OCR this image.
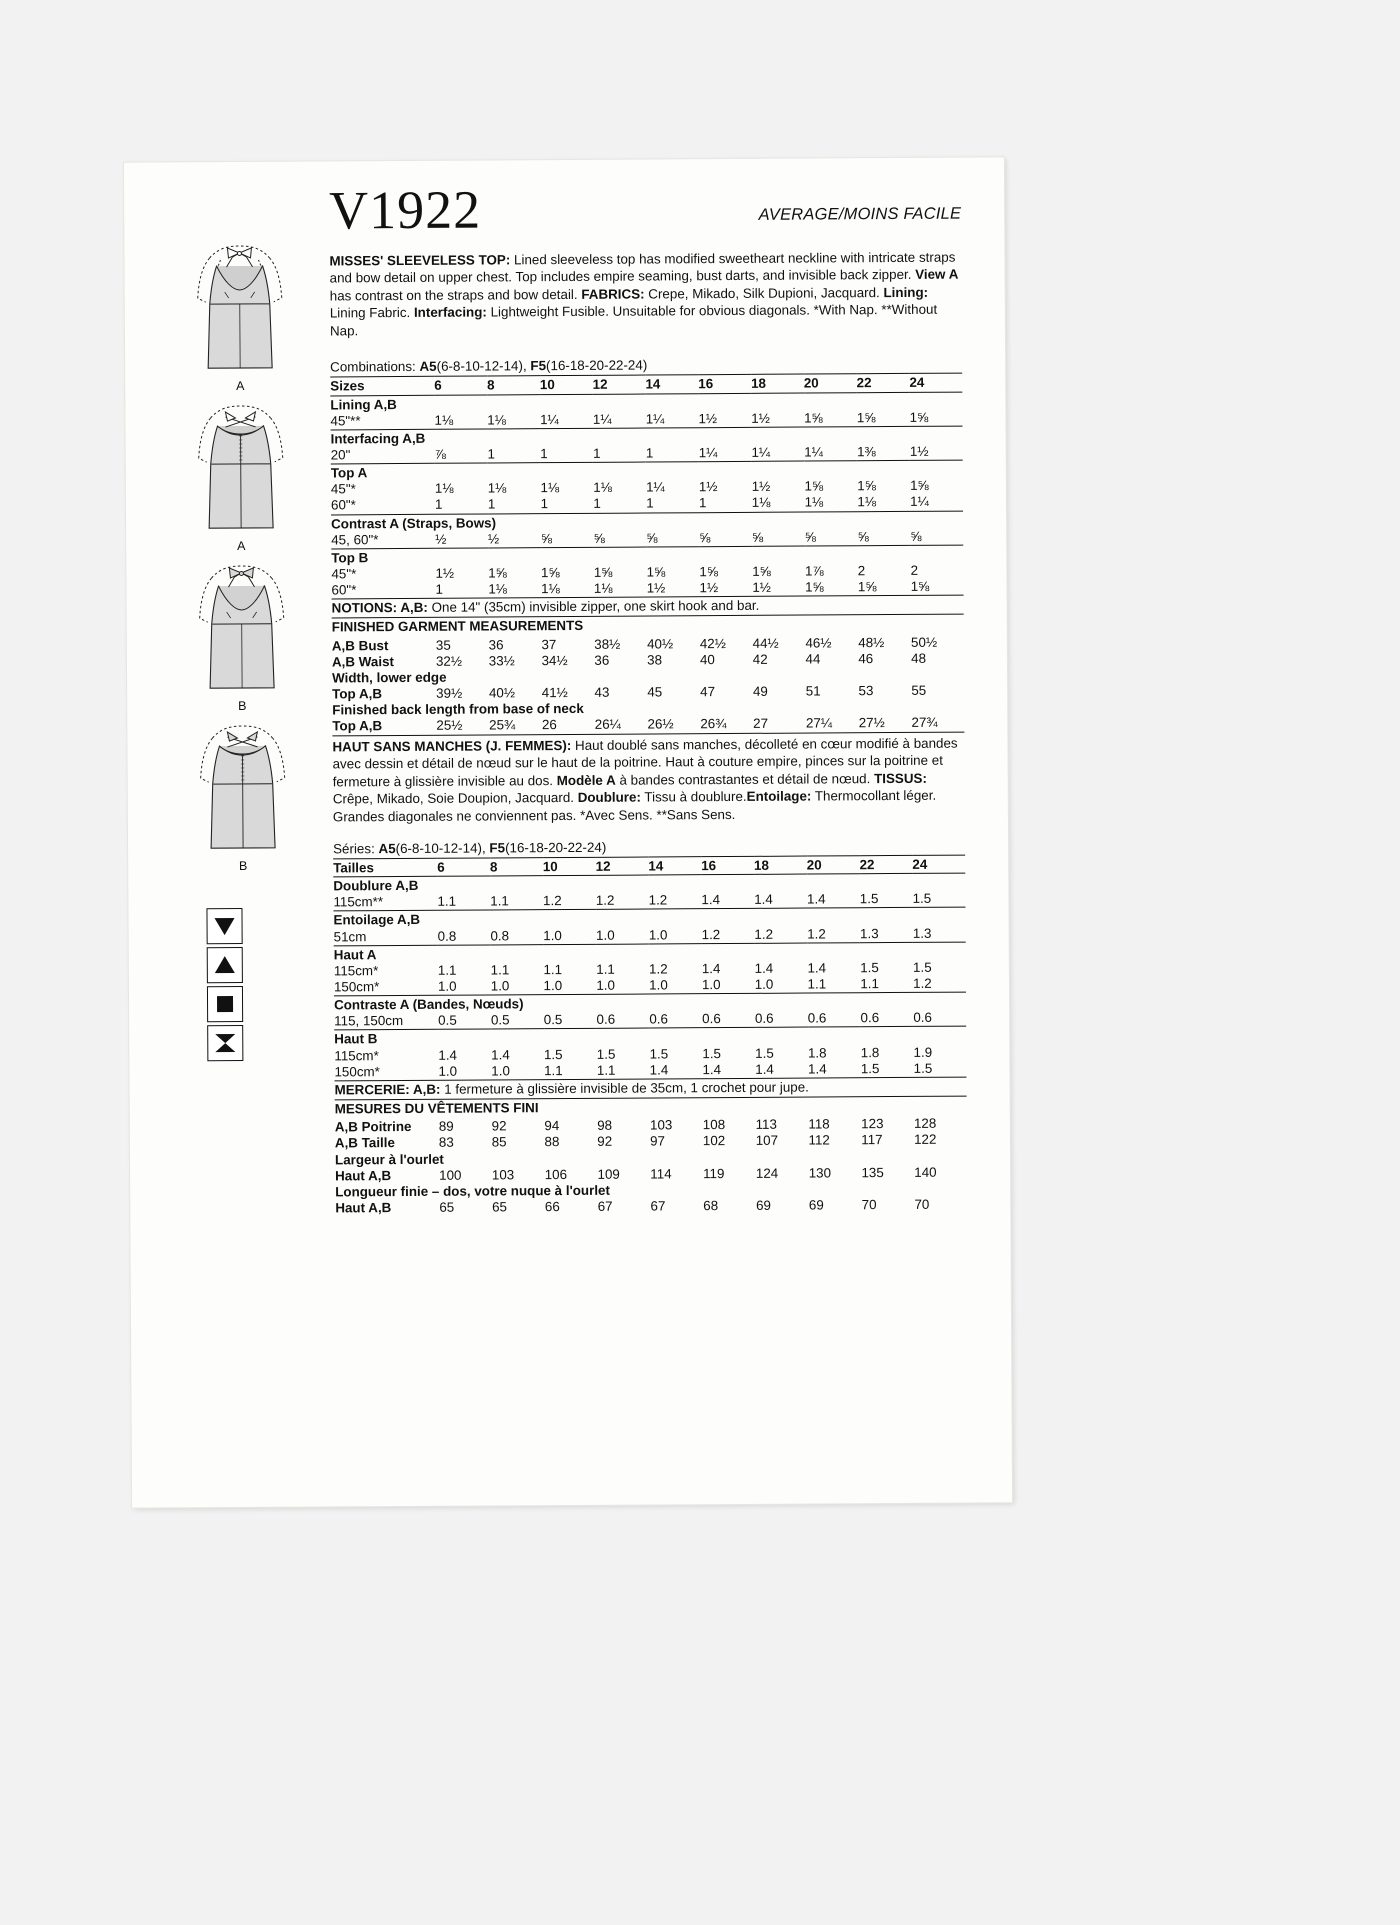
A
A
B
B
V1922	AVERAGE/MOINS FACILE

MISSES' SLEEVELESS TOP: Lined sleeveless top has modified sweetheart neckline with intricate straps and bow detail on upper chest. Top includes empire seaming, bust darts, and invisible back zipper. View A has contrast on the straps and bow detail. FABRICS: Crepe, Mikado, Silk Dupioni, Jacquard. Lining: Lining Fabric. Interfacing: Lightweight Fusible. Unsuitable for obvious diagonals. *With Nap. **Without Nap.

Combinations: A5(6-8-10-12-14), F5(16-18-20-22-24)
Sizes	6	8	10	12	14	16	18	20	22	24
Lining A,B										
45"**	1⅛	1⅛	1¼	1¼	1¼	1½	1½	1⅝	1⅝	1⅝
Interfacing A,B										
20"	⅞	1	1	1	1	1¼	1¼	1¼	1⅜	1½
Top A										
45"*	1⅛	1⅛	1⅛	1⅛	1¼	1½	1½	1⅝	1⅝	1⅝
60"*	1	1	1	1	1	1	1⅛	1⅛	1⅛	1¼
Contrast A (Straps, Bows)										
45, 60"*	½	½	⅝	⅝	⅝	⅝	⅝	⅝	⅝	⅝
Top B										
45"*	1½	1⅝	1⅝	1⅝	1⅝	1⅝	1⅝	1⅞	2	2
60"*	1	1⅛	1⅛	1⅛	1½	1½	1½	1⅝	1⅝	1⅝
NOTIONS: A,B: One 14" (35cm) invisible zipper, one skirt hook and bar.
FINISHED GARMENT MEASUREMENTS
A,B Bust	35	36	37	38½	40½	42½	44½	46½	48½	50½
A,B Waist	32½	33½	34½	36	38	40	42	44	46	48
Width, lower edge										
Top A,B	39½	40½	41½	43	45	47	49	51	53	55
Finished back length from base of neck										
Top A,B	25½	25¾	26	26¼	26½	26¾	27	27¼	27½	27¾

HAUT SANS MANCHES (J. FEMMES): Haut doublé sans manches, décolleté en cœur modifié à bandes avec dessin et détail de nœud sur le haut de la poitrine. Haut à couture empire, pinces sur la poitrine et fermeture à glissière invisible au dos. Modèle A à bandes contrastantes et détail de nœud. TISSUS: Crêpe, Mikado, Soie Doupion, Jacquard. Doublure: Tissu à doublure.Entoilage: Thermocollant léger. Grandes diagonales ne conviennent pas. *Avec Sens. **Sans Sens.

Séries: A5(6-8-10-12-14), F5(16-18-20-22-24)
Tailles	6	8	10	12	14	16	18	20	22	24
Doublure A,B										
115cm**	1.1	1.1	1.2	1.2	1.2	1.4	1.4	1.4	1.5	1.5
Entoilage A,B										
51cm	0.8	0.8	1.0	1.0	1.0	1.2	1.2	1.2	1.3	1.3
Haut A										
115cm*	1.1	1.1	1.1	1.1	1.2	1.4	1.4	1.4	1.5	1.5
150cm*	1.0	1.0	1.0	1.0	1.0	1.0	1.0	1.1	1.1	1.2
Contraste A (Bandes, Nœuds)										
115, 150cm	0.5	0.5	0.5	0.6	0.6	0.6	0.6	0.6	0.6	0.6
Haut B										
115cm*	1.4	1.4	1.5	1.5	1.5	1.5	1.5	1.8	1.8	1.9
150cm*	1.0	1.0	1.1	1.1	1.4	1.4	1.4	1.4	1.5	1.5
MERCERIE: A,B: 1 fermeture à glissière invisible de 35cm, 1 crochet pour jupe.
MESURES DU VÊTEMENTS FINI
A,B Poitrine	89	92	94	98	103	108	113	118	123	128
A,B Taille	83	85	88	92	97	102	107	112	117	122
Largeur à l'ourlet										
Haut A,B	100	103	106	109	114	119	124	130	135	140
Longueur finie – dos, votre nuque à l'ourlet										
Haut A,B	65	65	66	67	67	68	69	69	70	70
